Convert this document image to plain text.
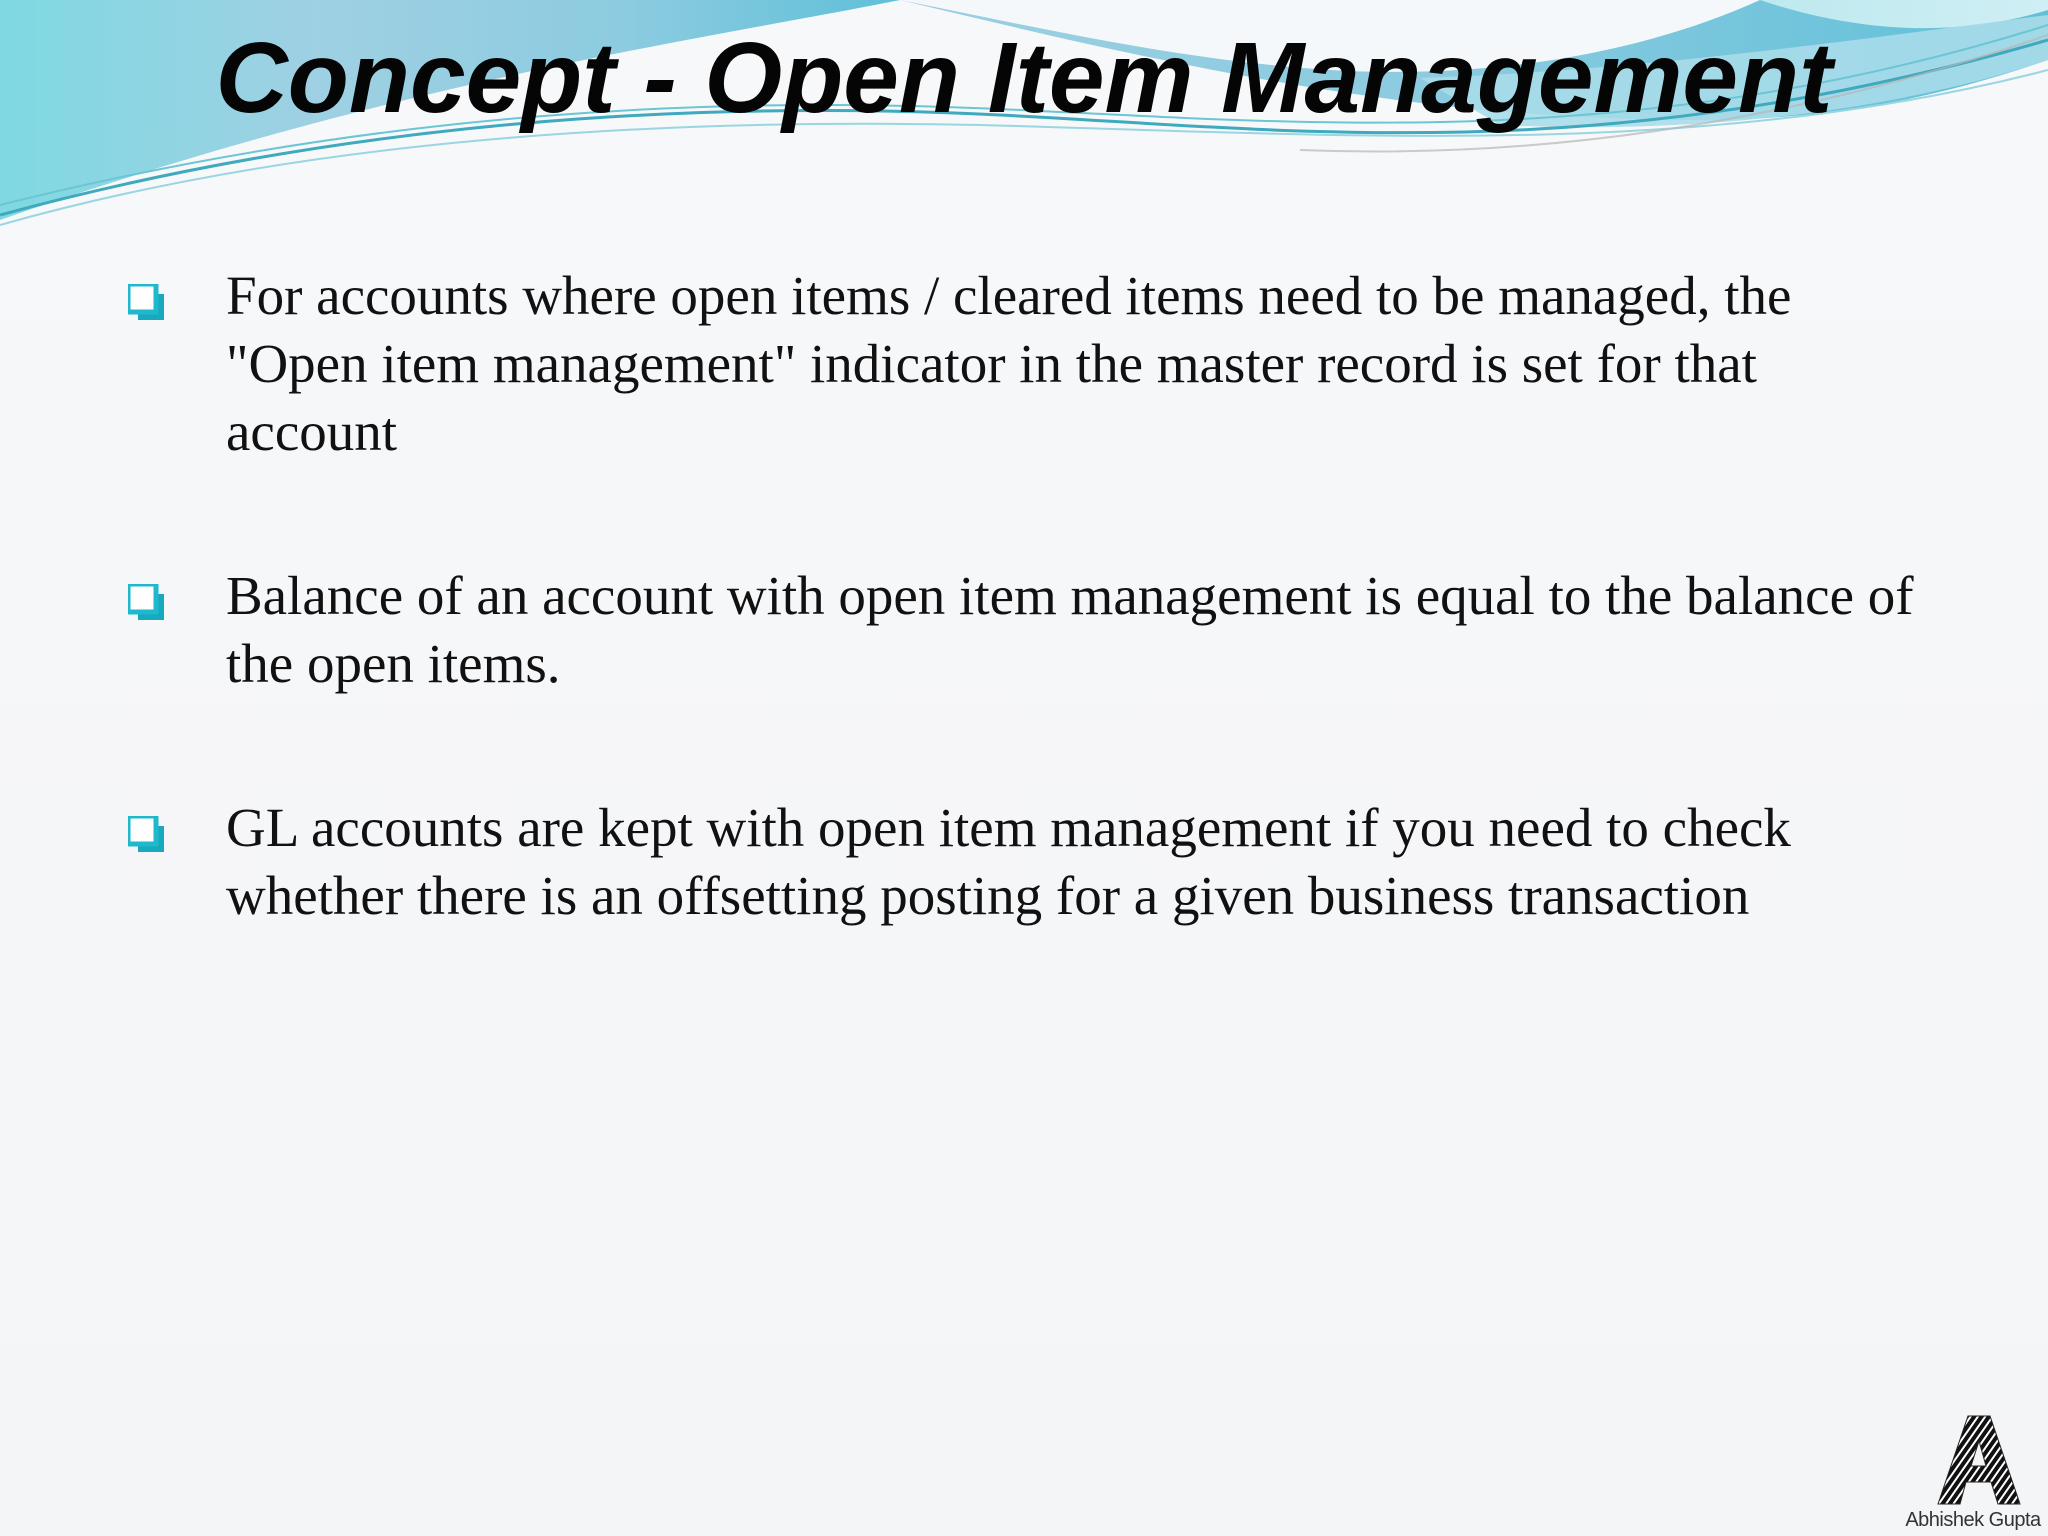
Concept - Open Item Management
For accounts where open items / cleared items need to be managed, the "Open item management" indicator in the master record is set for that account
Balance of an account with open item management is equal to the balance of the open items.
GL accounts are kept with open item management if you need to check whether there is an offsetting posting for a given business transaction
Abhishek Gupta
